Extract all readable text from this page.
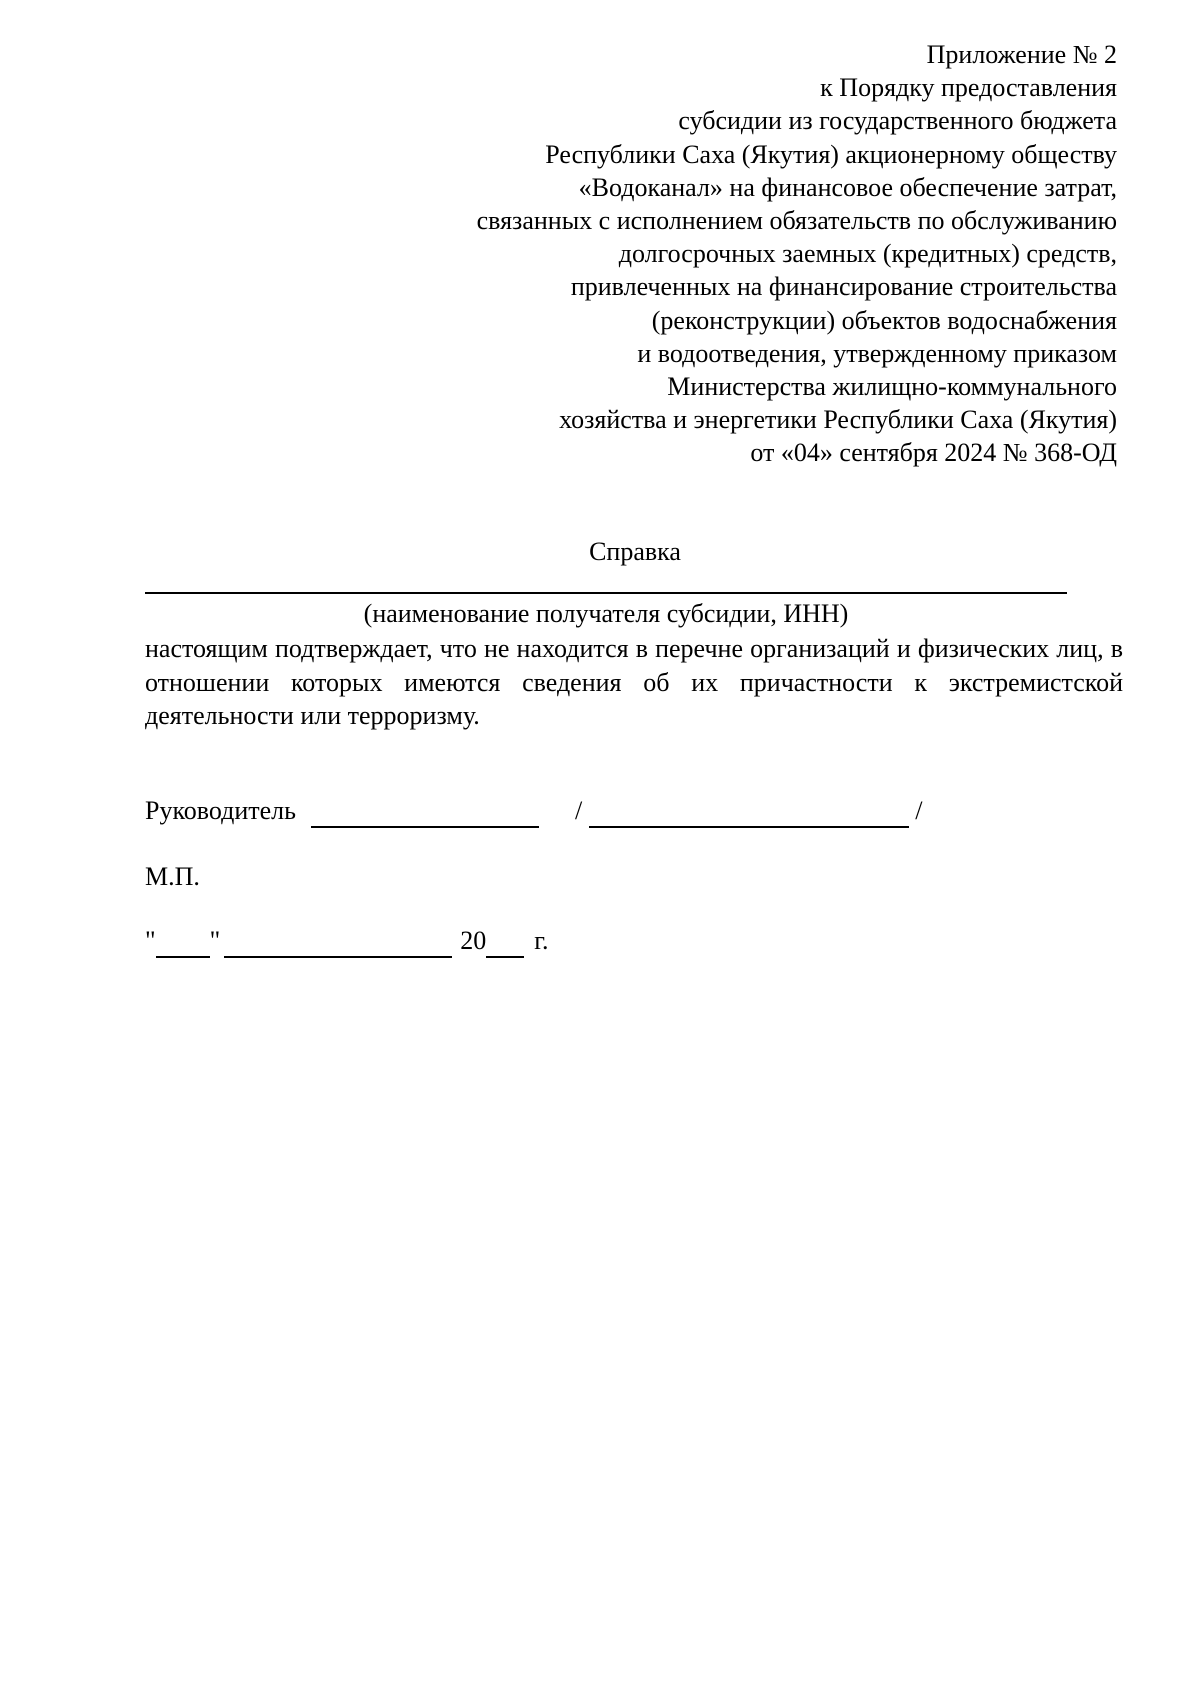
Приложение № 2
к Порядку предоставления
субсидии из государственного бюджета
Республики Саха (Якутия) акционерному обществу
«Водоканал» на финансовое обеспечение затрат,
связанных с исполнением обязательств по обслуживанию
долгосрочных заемных (кредитных) средств,
привлеченных на финансирование строительства
(реконструкции) объектов водоснабжения
и водоотведения, утвержденному приказом
Министерства жилищно-коммунального
хозяйства и энергетики Республики Саха (Якутия)
от «04» сентября 2024 № 368-ОД
Справка
(наименование получателя субсидии, ИНН)
настоящим подтверждает, что не находится в перечне организаций и физических лиц, в отношении которых имеются сведения об их причастности к экстремистской деятельности или терроризму.
Руководитель	/	/
М.П.
" "	20 г.
